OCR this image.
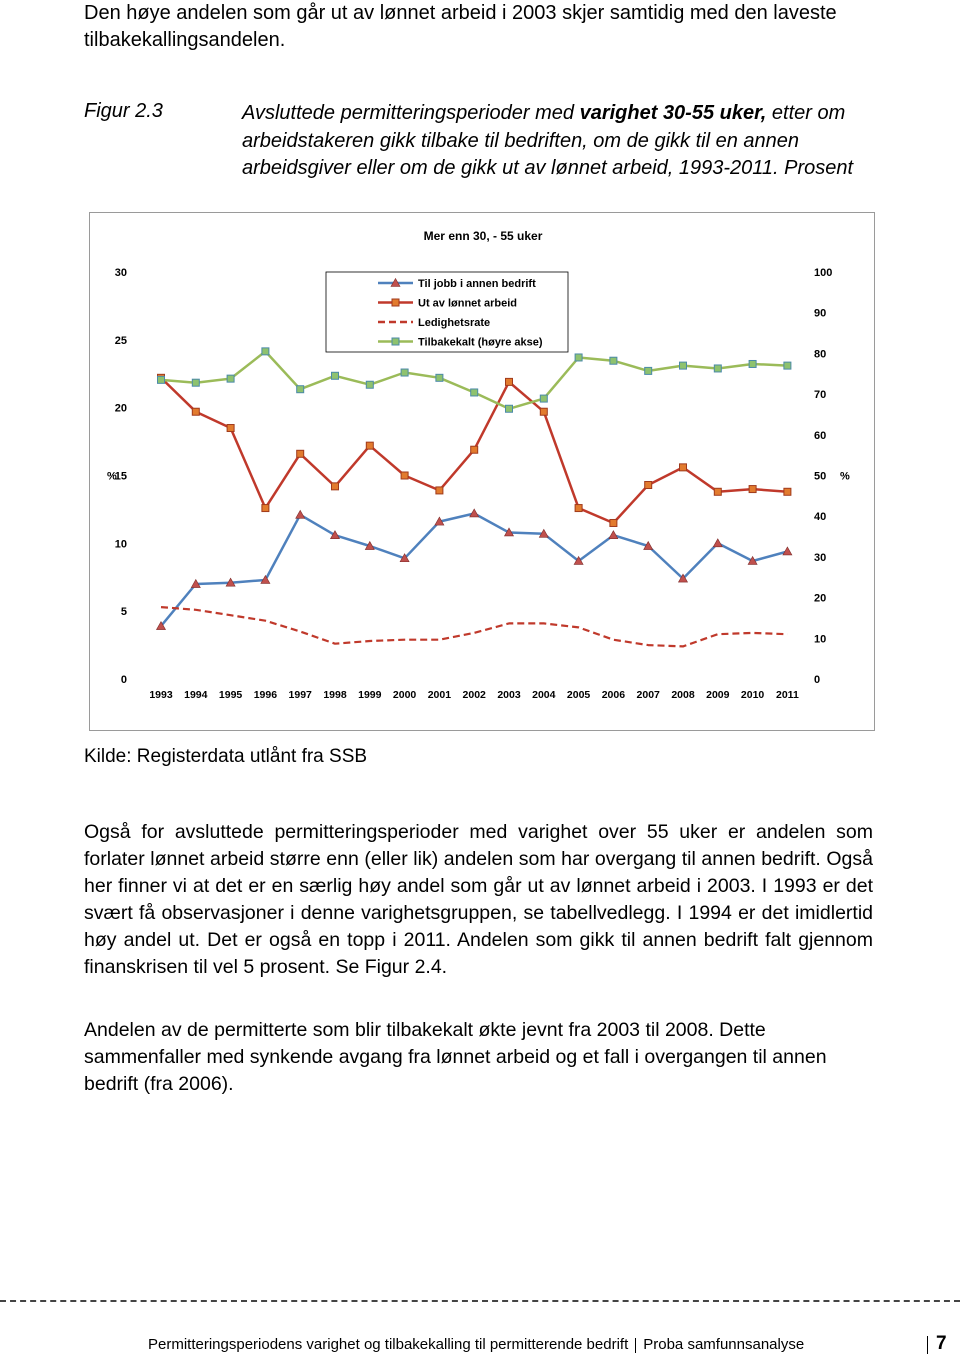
Den høye andelen som går ut av lønnet arbeid i 2003 skjer samtidig med den laveste tilbakekallingsandelen.
Figur 2.3	Avsluttede permitteringsperioder med varighet 30-55 uker, etter om arbeidstakeren gikk tilbake til bedriften, om de gikk til en annen arbeidsgiver eller om de gikk ut av lønnet arbeid, 1993-2011. Prosent
Mer enn 30, - 55 uker
0
5
10
15
20
25
30
0
10
20
30
40
50
60
70
80
90
100
%	%
1993 1994 1995 1996 1997 1998 1999 2000 2001 2002 2003 2004 2005 2006 2007 2008 2009 2010 2011
Til jobb i annen bedrift
Ut av lønnet arbeid
Ledighetsrate
Tilbakekalt (høyre akse)
Kilde: Registerdata utlånt fra SSB
Også for avsluttede permitteringsperioder med varighet over 55 uker er andelen som forlater lønnet arbeid større enn (eller lik) andelen som har overgang til annen bedrift. Også her finner vi at det er en særlig høy andel som går ut av lønnet arbeid i 2003. I 1993 er det svært få observasjoner i denne varighetsgruppen, se tabellvedlegg. I 1994 er det imidlertid høy andel ut. Det er også en topp i 2011. Andelen som gikk til annen bedrift falt gjennom finanskrisen til vel 5 prosent. Se Figur 2.4.
Andelen av de permitterte som blir tilbakekalt økte jevnt fra 2003 til 2008. Dette sammenfaller med synkende avgang fra lønnet arbeid og et fall i overgangen til annen bedrift (fra 2006).
Permitteringsperiodens varighet og tilbakekalling til permitterende bedrift Proba samfunnsanalyse	7
